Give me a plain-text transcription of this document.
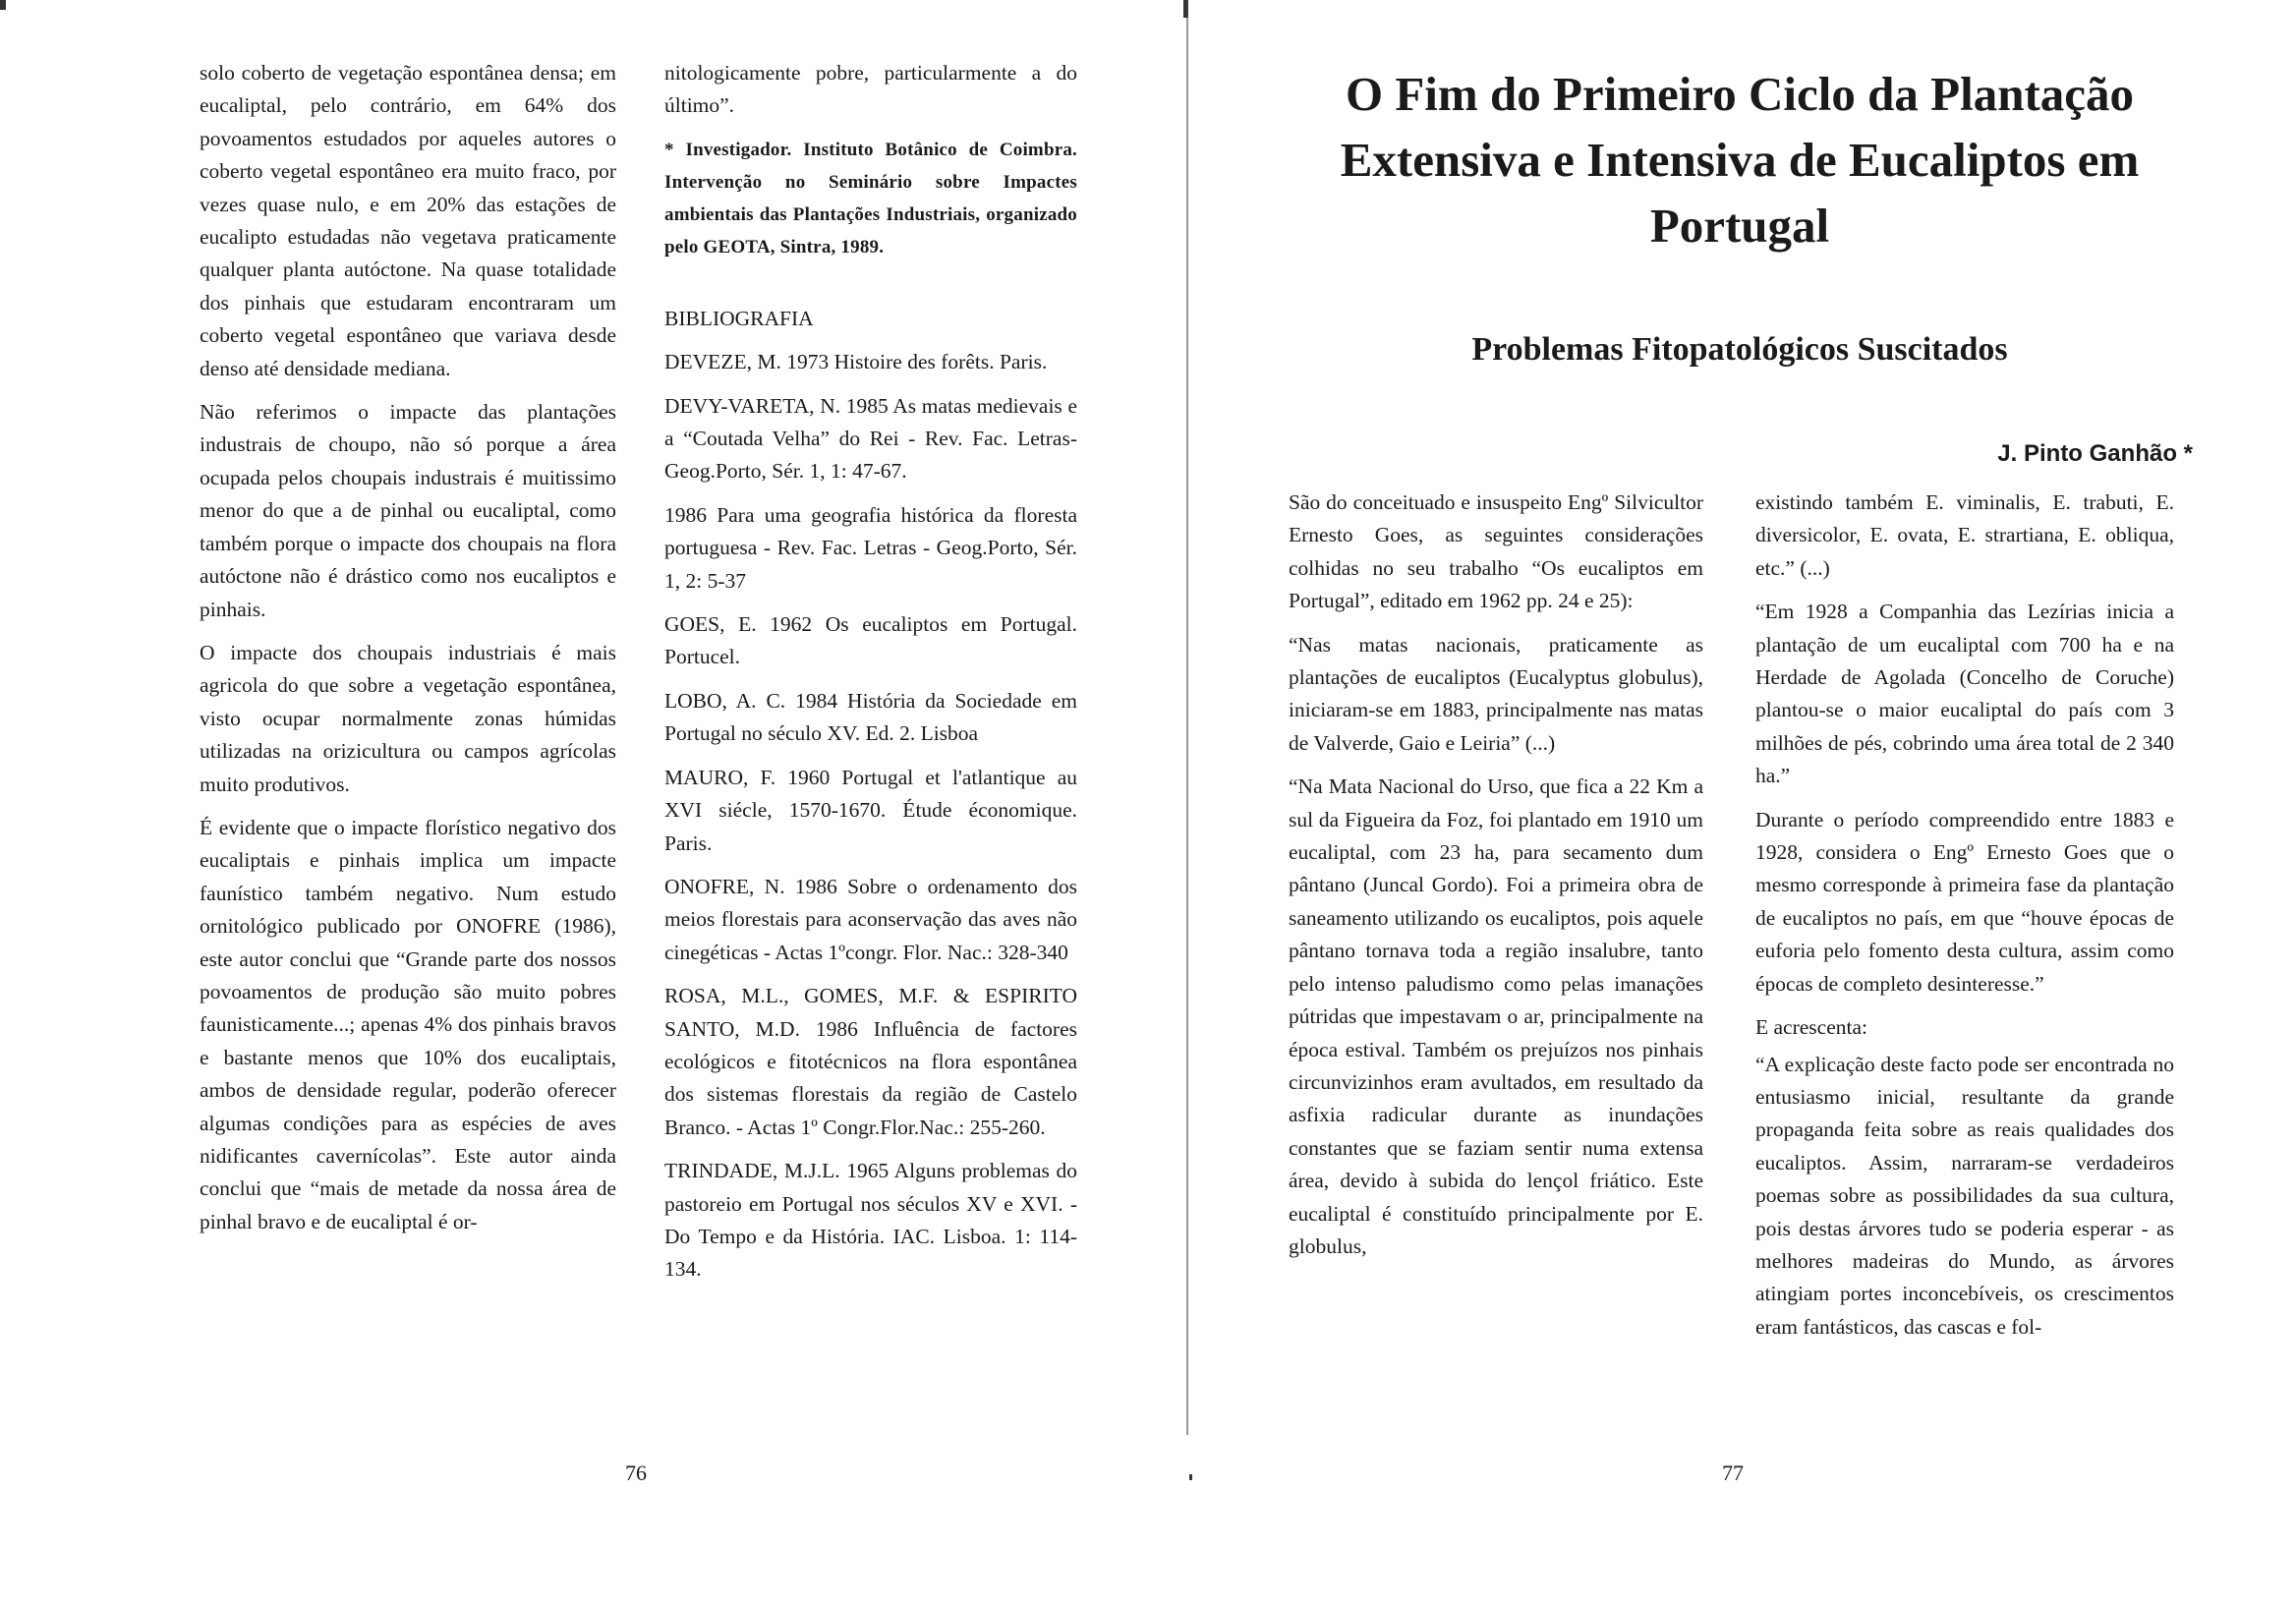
solo coberto de vegetação espontânea densa; em eucaliptal, pelo contrário, em 64% dos povoamentos estudados por aqueles autores o coberto vegetal espontâneo era muito fraco, por vezes quase nulo, e em 20% das estações de eucalipto estudadas não vegetava praticamente qualquer planta autóctone. Na quase totalidade dos pinhais que estudaram encontraram um coberto vegetal espontâneo que variava desde denso até densidade mediana.

Não referimos o impacte das plantações industrais de choupo, não só porque a área ocupada pelos choupais industrais é muitissimo menor do que a de pinhal ou eucaliptal, como também porque o impacte dos choupais na flora autóctone não é drástico como nos eucaliptos e pinhais.

O impacte dos choupais industriais é mais agricola do que sobre a vegetação espontânea, visto ocupar normalmente zonas húmidas utilizadas na orizicultura ou campos agrícolas muito produtivos.

É evidente que o impacte florístico negativo dos eucaliptais e pinhais implica um impacte faunístico também negativo. Num estudo ornitológico publicado por ONOFRE (1986), este autor conclui que “Grande parte dos nossos povoamentos de produção são muito pobres faunisticamente...; apenas 4% dos pinhais bravos e bastante menos que 10% dos eucaliptais, ambos de densidade regular, poderão oferecer algumas condições para as espécies de aves nidificantes cavernícolas”. Este autor ainda conclui que “mais de metade da nossa área de pinhal bravo e de eucaliptal é or-

nitologicamente pobre, particularmente a do último”.

* Investigador. Instituto Botânico de Coimbra. Intervenção no Seminário sobre Impactes ambientais das Plantações Industriais, organizado pelo GEOTA, Sintra, 1989.

BIBLIOGRAFIA

DEVEZE, M. 1973 Histoire des forêts. Paris.

DEVY-VARETA, N. 1985 As matas medievais e a “Coutada Velha” do Rei - Rev. Fac. Letras-Geog.Porto, Sér. 1, 1: 47-67.

1986 Para uma geografia histórica da floresta portuguesa - Rev. Fac. Letras - Geog.Porto, Sér. 1, 2: 5-37

GOES, E. 1962 Os eucaliptos em Portugal. Portucel.

LOBO, A. C. 1984 História da Sociedade em Portugal no século XV. Ed. 2. Lisboa

MAURO, F. 1960 Portugal et l'atlantique au XVI siécle, 1570-1670. Étude économique. Paris.

ONOFRE, N. 1986 Sobre o ordenamento dos meios florestais para aconservação das aves não cinegéticas - Actas 1ºcongr. Flor. Nac.: 328-340

ROSA, M.L., GOMES, M.F. & ESPIRITO SANTO, M.D. 1986 Influência de factores ecológicos e fitotécnicos na flora espontânea dos sistemas florestais da região de Castelo Branco. - Actas 1º Congr.Flor.Nac.: 255-260.

TRINDADE, M.J.L. 1965 Alguns problemas do pastoreio em Portugal nos séculos XV e XVI. - Do Tempo e da História. IAC. Lisboa. 1: 114-134.

76
O Fim do Primeiro Ciclo da Plantação Extensiva e Intensiva de Eucaliptos em Portugal
Problemas Fitopatológicos Suscitados
J. Pinto Ganhão *

São do conceituado e insuspeito Engº Silvicultor Ernesto Goes, as seguintes considerações colhidas no seu trabalho “Os eucaliptos em Portugal”, editado em 1962 pp. 24 e 25):

“Nas matas nacionais, praticamente as plantações de eucaliptos (Eucalyptus globulus), iniciaram-se em 1883, principalmente nas matas de Valverde, Gaio e Leiria” (...)

“Na Mata Nacional do Urso, que fica a 22 Km a sul da Figueira da Foz, foi plantado em 1910 um eucaliptal, com 23 ha, para secamento dum pântano (Juncal Gordo). Foi a primeira obra de saneamento utilizando os eucaliptos, pois aquele pântano tornava toda a região insalubre, tanto pelo intenso paludismo como pelas imanações pútridas que impestavam o ar, principalmente na época estival. Também os prejuízos nos pinhais circunvizinhos eram avultados, em resultado da asfixia radicular durante as inundações constantes que se faziam sentir numa extensa área, devido à subida do lençol friático. Este eucaliptal é constituído principalmente por E. globulus,

existindo também E. viminalis, E. trabuti, E. diversicolor, E. ovata, E. strartiana, E. obliqua, etc.” (...)

“Em 1928 a Companhia das Lezírias inicia a plantação de um eucaliptal com 700 ha e na Herdade de Agolada (Concelho de Coruche) plantou-se o maior eucaliptal do país com 3 milhões de pés, cobrindo uma área total de 2 340 ha.”

Durante o período compreendido entre 1883 e 1928, considera o Engº Ernesto Goes que o mesmo corresponde à primeira fase da plantação de eucaliptos no país, em que “houve épocas de euforia pelo fomento desta cultura, assim como épocas de completo desinteresse.”

E acrescenta:

“A explicação deste facto pode ser encontrada no entusiasmo inicial, resultante da grande propaganda feita sobre as reais qualidades dos eucaliptos. Assim, narraram-se verdadeiros poemas sobre as possibilidades da sua cultura, pois destas árvores tudo se poderia esperar - as melhores madeiras do Mundo, as árvores atingiam portes inconcebíveis, os crescimentos eram fantásticos, das cascas e fol-

77
